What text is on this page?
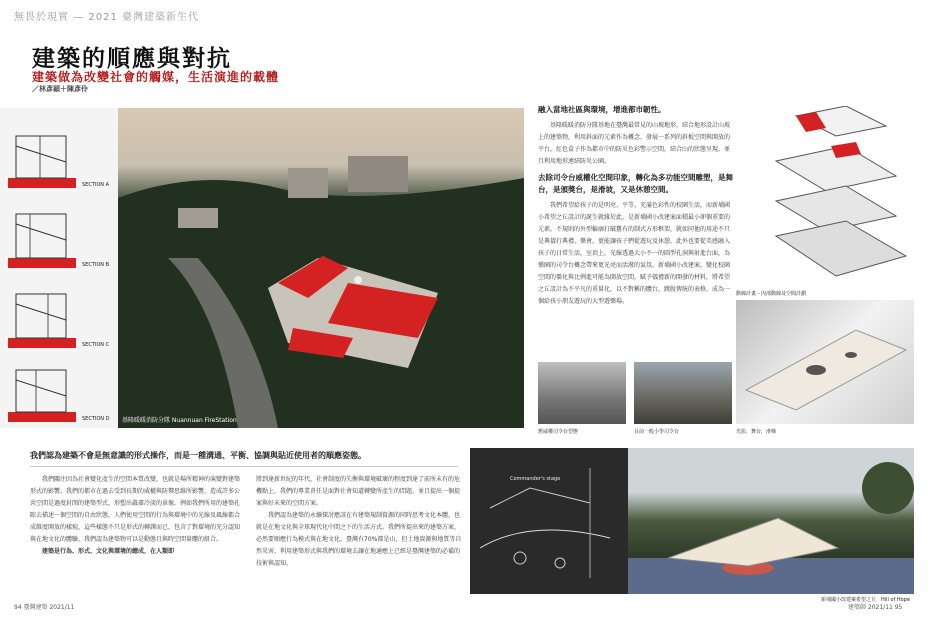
無畏於現實 — 2021 臺灣建築新生代
建築的順應與對抗
建築做為改變社會的觸媒，生活演進的載體
／林彥穎＋陳彥伶
SECTION A
SECTION B
SECTION C
SECTION D 基隆暖暖消防分隊 Nuannuan FireStation
我們認為建築不會是無意識的形式操作，而是一種溝通、平衡、協調與貼近使用者的順應姿態。

我們關注因為社會變化產生的空間本質改變，也就是場所精神的演變對建築形式的影響。我們的都市在過去受到長期的威權與防禦思維所影響，造成許多公共空間是過度封閉的建築型式，形塑出嚴肅冷淡的景像。例如我們所用的建築孔隙去描述一個空間的自由狀態，人們使用空間的行為與環境中的光線及風線都合成維度開放的樣貌，這些樣態不只是形式的轉譯而已，包含了對環境的充分認知與在地文化的體驗。我們認為建築物可以是動態且與時空間量體的組合。

建築是行為、形式、文化與環境的總成，在人類即

將到達新世紀的年代，社會制度的失衡與環境破壞的程度到達了前所未有的危機點上，我們的專業責任是面對社會知道轉變所產生的問題，並且提出一個提案與好未來的空間方案。

我們認為建築的永續探討應該在有建築規制資源的同時思考文化本體，也就是在地文化與全球現代化中間之下的生活方式。我們所提出來的建築方案，必然要順應行為模式與在地文化，臺灣有70%都是山，但土地資源與地質等自然災害，利用建築形式與我們的環境去讓在地適應上已經是臺灣建築的必備的技術與認知。

94 臺灣建築 2021/11
融入當地社區與環境，增進都市韌性。

基隆暖暖消防分隊基地在臺灣最常見的山坡地形，結合地形設計山坡上的建築物，利用斜面的元素作為概念，發展一系列的斜板空間與開放的平台。紅色盒子作為都市中的防災色彩警示空間，結合山的狀態呈現，並且利用地形連結防災公園。

去除司令台威權化空間印象，轉化為多功能空間雕塑，是舞台，是頒獎台，是滑坡，又是休憩空間。

我們希望給孩子的是明亮、平等、充滿色彩性的校園生活，而新埔國小希望之丘設計的誕生就緣於此，是新埔國小改建案面積最小卻個重要的元素。不規則的外型輪廓打破舊有的制式方形框架，就如同他的用途不只是典儀行典禮、樂會，更能讓孩子們從遊玩及休憩。此外也要從美感融入孩子的日常生活，室頂上，光線透過大小不一的圓型孔洞與射進台面，為樂園的司令台概念帶來更光亮而活潑的氣氛。新埔國小改建案，變化校園空間的僵化與比例進可能為開放空間，賦予儀禮新的開發的材料，將希望之丘設計為不平凡的重量化，以不對稱的體台，跳脫傳統的表格，成為一個給孩小朋友遊玩的大型遊樂場。

動線計畫－內部動線及空間計劃
光影，舞台，滑梯
舊威權司令台型態	目前一般小學司令台
Commander's stage
新埔國小改建案希望之丘　Hill of Hope
建築師 2021/11 95
